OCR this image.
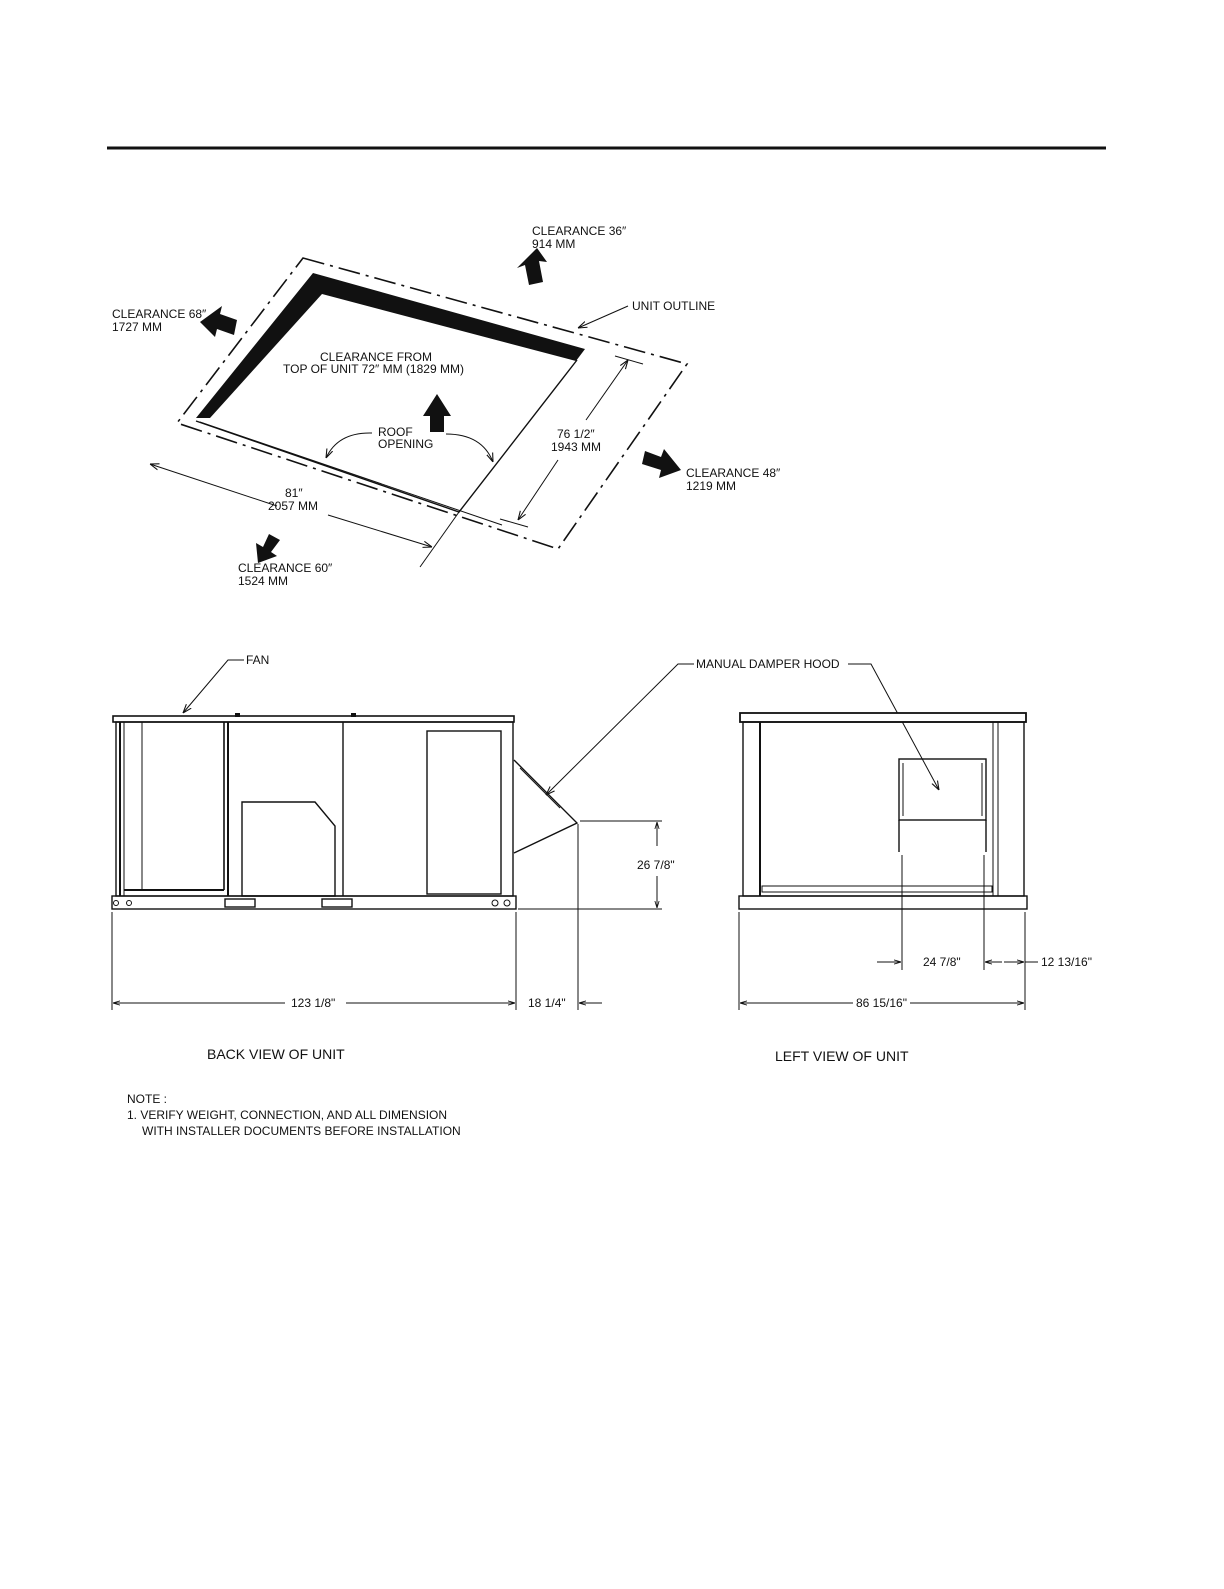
81″
2057 MM
76 1/2″
1943 MM
CLEARANCE 36″
914 MM
CLEARANCE 68″
1727 MM
CLEARANCE 48″
1219 MM
CLEARANCE 60″
1524 MM
CLEARANCE FROM
TOP OF UNIT 72″ MM (1829 MM)
UNIT OUTLINE
ROOF
OPENING
FAN	MANUAL DAMPER HOOD
26 7/8"
123 1/8"	18 1/4"
BACK VIEW OF UNIT
24 7/8"	12 13/16"
86 15/16"
LEFT VIEW OF UNIT
NOTE :
1. VERIFY WEIGHT, CONNECTION, AND ALL DIMENSION
WITH INSTALLER DOCUMENTS BEFORE INSTALLATION
